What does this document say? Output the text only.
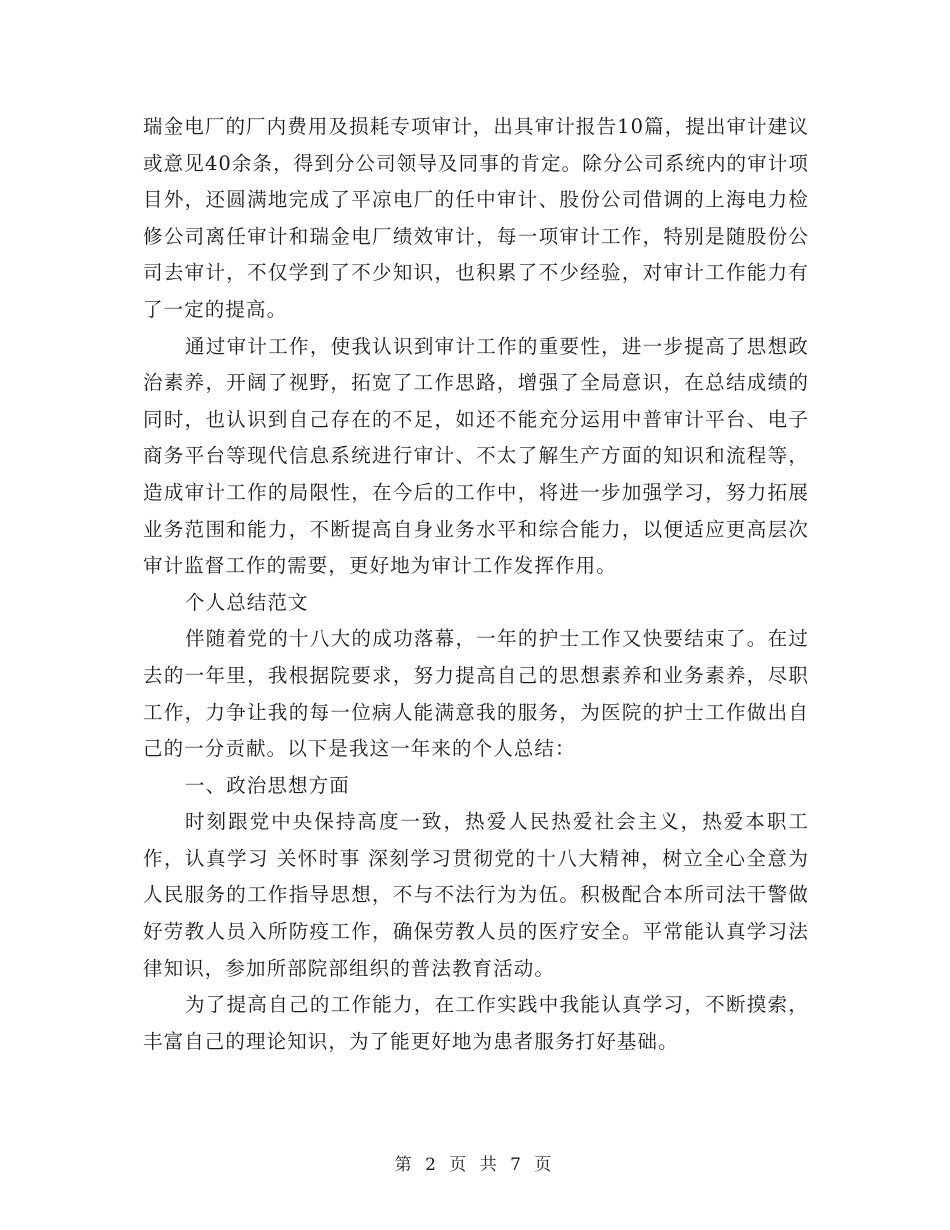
瑞金电厂的厂内费用及损耗专项审计，出具审计报告10篇，提出审计建议或意见40余条，得到分公司领导及同事的肯定。除分公司系统内的审计项目外，还圆满地完成了平凉电厂的任中审计、股份公司借调的上海电力检修公司离任审计和瑞金电厂绩效审计，每一项审计工作，特别是随股份公司去审计，不仅学到了不少知识，也积累了不少经验，对审计工作能力有了一定的提高。

通过审计工作，使我认识到审计工作的重要性，进一步提高了思想政治素养，开阔了视野，拓宽了工作思路，增强了全局意识，在总结成绩的同时，也认识到自己存在的不足，如还不能充分运用中普审计平台、电子商务平台等现代信息系统进行审计、不太了解生产方面的知识和流程等，造成审计工作的局限性，在今后的工作中，将进一步加强学习，努力拓展业务范围和能力，不断提高自身业务水平和综合能力，以便适应更高层次审计监督工作的需要，更好地为审计工作发挥作用。

个人总结范文

伴随着党的十八大的成功落幕，一年的护士工作又快要结束了。在过去的一年里，我根据院要求，努力提高自己的思想素养和业务素养，尽职工作，力争让我的每一位病人能满意我的服务，为医院的护士工作做出自己的一分贡献。以下是我这一年来的个人总结：

一、政治思想方面

时刻跟党中央保持高度一致，热爱人民热爱社会主义，热爱本职工作，认真学习 关怀时事 深刻学习贯彻党的十八大精神，树立全心全意为人民服务的工作指导思想，不与不法行为为伍。积极配合本所司法干警做好劳教人员入所防疫工作，确保劳教人员的医疗安全。平常能认真学习法律知识，参加所部院部组织的普法教育活动。

为了提高自己的工作能力，在工作实践中我能认真学习，不断摸索，丰富自己的理论知识，为了能更好地为患者服务打好基础。

第 2 页 共 7 页
